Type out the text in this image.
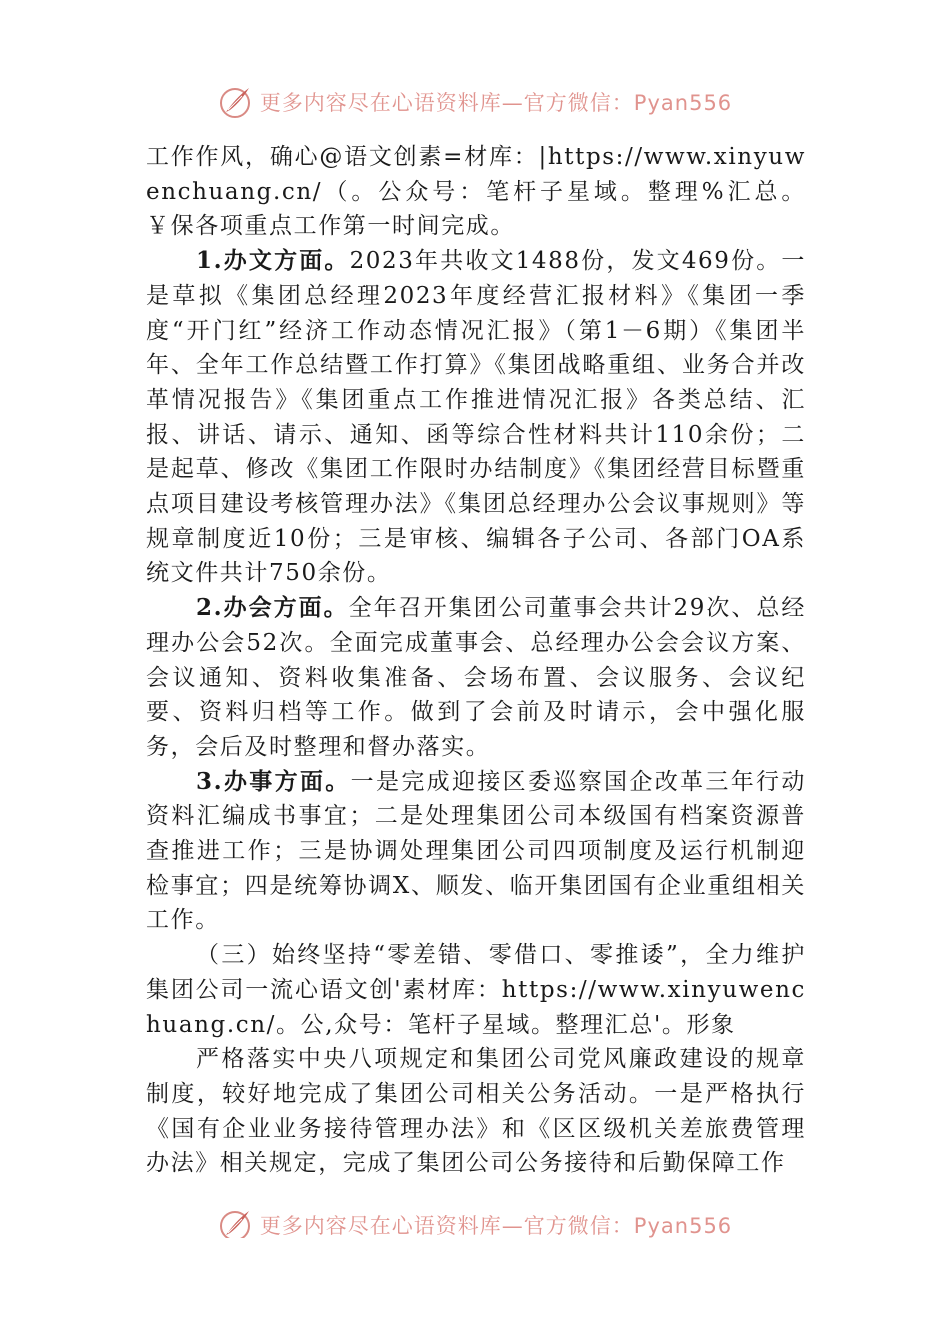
更多内容尽在心语资料库—官方微信：Pyan556

工作作风，确心@语文创素=材库：|https://www.xinyuwenchuang.cn/（。公众号：笔杆子星域。整理%汇总。￥保各项重点工作第一时间完成。

1.办文方面。2023年共收文1488份，发文469份。一是草拟《集团总经理2023年度经营汇报材料》《集团一季度“开门红”经济工作动态情况汇报》（第1－6期）《集团半年、全年工作总结暨工作打算》《集团战略重组、业务合并改革情况报告》《集团重点工作推进情况汇报》各类总结、汇报、讲话、请示、通知、函等综合性材料共计110余份；二是起草、修改《集团工作限时办结制度》《集团经营目标暨重点项目建设考核管理办法》《集团总经理办公会议事规则》等规章制度近10份；三是审核、编辑各子公司、各部门OA系统文件共计750余份。

2.办会方面。全年召开集团公司董事会共计29次、总经理办公会52次。全面完成董事会、总经理办公会会议方案、会议通知、资料收集准备、会场布置、会议服务、会议纪要、资料归档等工作。做到了会前及时请示，会中强化服务，会后及时整理和督办落实。

3.办事方面。一是完成迎接区委巡察国企改革三年行动资料汇编成书事宜；二是处理集团公司本级国有档案资源普查推进工作；三是协调处理集团公司四项制度及运行机制迎检事宜；四是统筹协调X、顺发、临开集团国有企业重组相关工作。

（三）始终坚持“零差错、零借口、零推诿”，全力维护集团公司一流心语文创'素材库：https://www.xinyuwenchuang.cn/。公,众号：笔杆子星域。整理汇总'。形象

严格落实中央八项规定和集团公司党风廉政建设的规章制度，较好地完成了集团公司相关公务活动。一是严格执行《国有企业业务接待管理办法》和《区区级机关差旅费管理办法》相关规定，完成了集团公司公务接待和后勤保障工作

更多内容尽在心语资料库—官方微信：Pyan556
